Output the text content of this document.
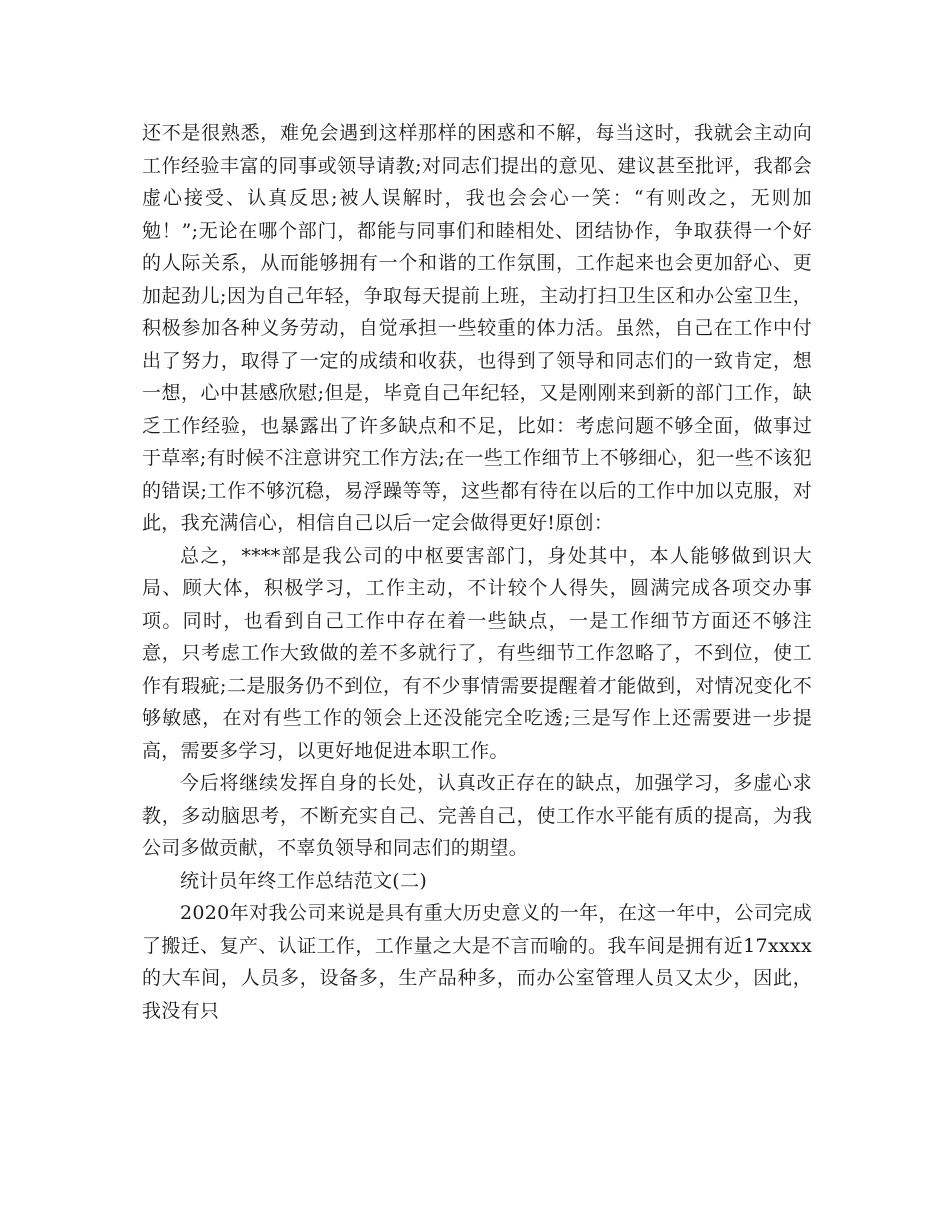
还不是很熟悉，难免会遇到这样那样的困惑和不解，每当这时，我就会主动向工作经验丰富的同事或领导请教;对同志们提出的意见、建议甚至批评，我都会虚心接受、认真反思;被人误解时，我也会会心一笑：“有则改之，无则加勉！”;无论在哪个部门，都能与同事们和睦相处、团结协作，争取获得一个好的人际关系，从而能够拥有一个和谐的工作氛围，工作起来也会更加舒心、更加起劲儿;因为自己年轻，争取每天提前上班，主动打扫卫生区和办公室卫生，积极参加各种义务劳动，自觉承担一些较重的体力活。虽然，自己在工作中付出了努力，取得了一定的成绩和收获，也得到了领导和同志们的一致肯定，想一想，心中甚感欣慰;但是，毕竟自己年纪轻，又是刚刚来到新的部门工作，缺乏工作经验，也暴露出了许多缺点和不足，比如：考虑问题不够全面，做事过于草率;有时候不注意讲究工作方法;在一些工作细节上不够细心，犯一些不该犯的错误;工作不够沉稳，易浮躁等等，这些都有待在以后的工作中加以克服，对此，我充满信心，相信自己以后一定会做得更好!原创：

总之，****部是我公司的中枢要害部门，身处其中，本人能够做到识大局、顾大体，积极学习，工作主动，不计较个人得失，圆满完成各项交办事项。同时，也看到自己工作中存在着一些缺点，一是工作细节方面还不够注意，只考虑工作大致做的差不多就行了，有些细节工作忽略了，不到位，使工作有瑕疵;二是服务仍不到位，有不少事情需要提醒着才能做到，对情况变化不够敏感，在对有些工作的领会上还没能完全吃透;三是写作上还需要进一步提高，需要多学习，以更好地促进本职工作。

今后将继续发挥自身的长处，认真改正存在的缺点，加强学习，多虚心求教，多动脑思考，不断充实自己、完善自己，使工作水平能有质的提高，为我公司多做贡献，不辜负领导和同志们的期望。

统计员年终工作总结范文(二)

2020年对我公司来说是具有重大历史意义的一年，在这一年中，公司完成了搬迁、复产、认证工作，工作量之大是不言而喻的。我车间是拥有近17xxxx的大车间，人员多，设备多，生产品种多，而办公室管理人员又太少，因此，我没有只
